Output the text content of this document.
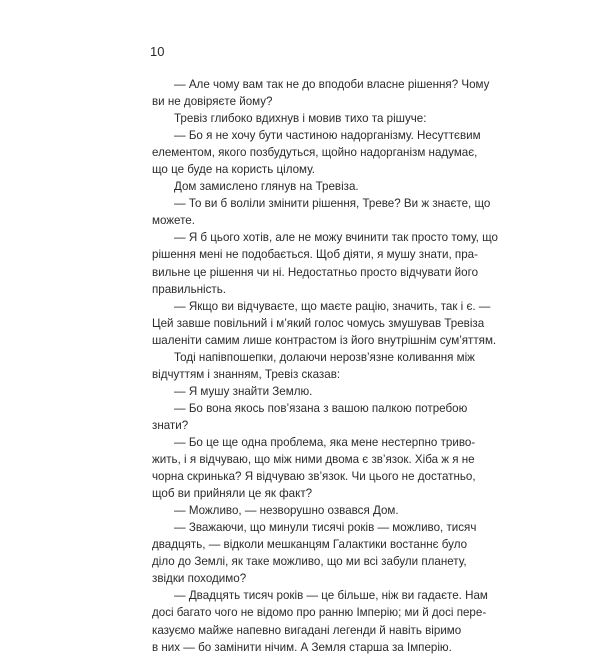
10
— Але чому вам так не до вподоби власне рішення? Чому
ви не довіряєте йому?
Тревіз глибоко вдихнув і мовив тихо та рішуче:
— Бо я не хочу бути частиною надорганізму. Несуттєвим
елементом, якого позбудуться, щойно надорганізм надумає,
що це буде на користь цілому.
Дом замислено глянув на Тревіза.
— То ви б воліли змінити рішення, Треве? Ви ж знаєте, що
можете.
— Я б цього хотів, але не можу вчинити так просто тому, що
рішення мені не подобається. Щоб діяти, я мушу знати, пра-
вильне це рішення чи ні. Недостатньо просто відчувати його
правильність.
— Якщо ви відчуваєте, що маєте рацію, значить, так і є. —
Цей завше повільний і м’який голос чомусь змушував Тревіза
шаленіти самим лише контрастом із його внутрішнім сум’яттям.
Тоді напівпошепки, долаючи нерозв’язне коливання між
відчуттям і знанням, Тревіз сказав:
— Я мушу знайти Землю.
— Бо вона якось пов’язана з вашою палкою потребою
знати?
— Бо це ще одна проблема, яка мене нестерпно триво-
жить, і я відчуваю, що між ними двома є зв’язок. Хіба ж я не
чорна скринька? Я відчуваю зв’язок. Чи цього не достатньо,
щоб ви прийняли це як факт?
— Можливо, — незворушно озвався Дом.
— Зважаючи, що минули тисячі років — можливо, тисяч
двадцять, — відколи мешканцям Галактики востаннє було
діло до Землі, як таке можливо, що ми всі забули планету,
звідки походимо?
— Двадцять тисяч років — це більше, ніж ви гадаєте. Нам
досі багато чого не відомо про ранню Імперію; ми й досі пере-
казуємо майже напевно вигадані легенди й навіть віримо
в них — бо замінити нічим. А Земля старша за Імперію.
